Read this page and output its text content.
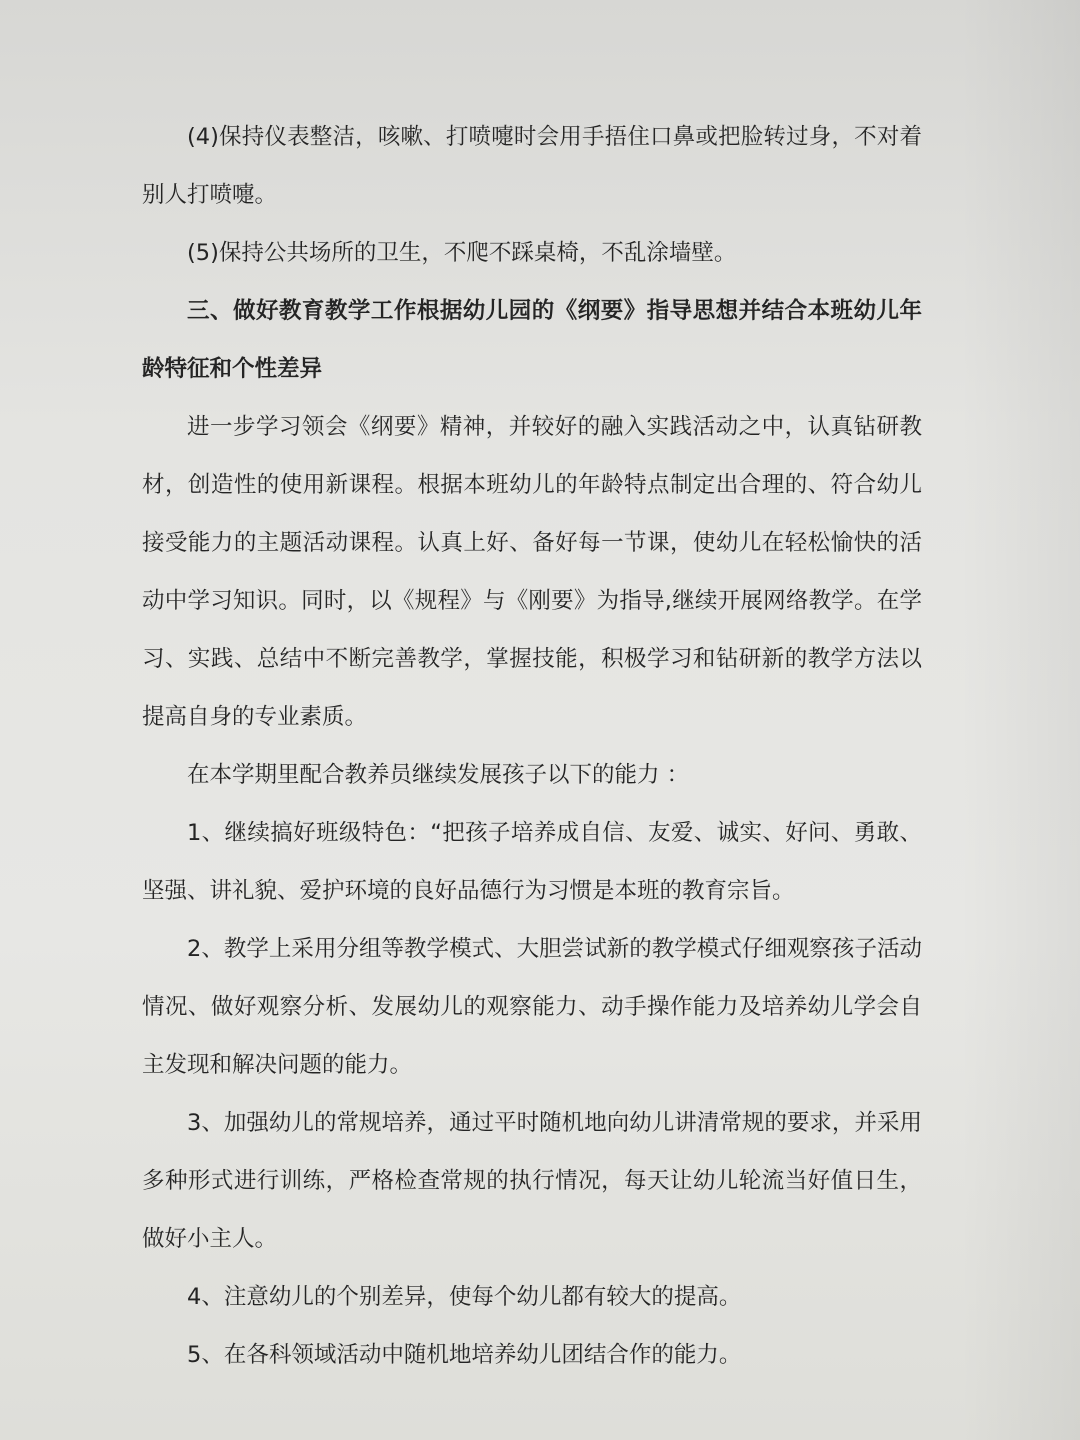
(4)保持仪表整洁，咳嗽、打喷嚏时会用手捂住口鼻或把脸转过身，不对着别人打喷嚏。

(5)保持公共场所的卫生，不爬不踩桌椅，不乱涂墙壁。

三、做好教育教学工作根据幼儿园的《纲要》指导思想并结合本班幼儿年龄特征和个性差异

进一步学习领会《纲要》精神，并较好的融入实践活动之中，认真钻研教材，创造性的使用新课程。根据本班幼儿的年龄特点制定出合理的、符合幼儿接受能力的主题活动课程。认真上好、备好每一节课，使幼儿在轻松愉快的活动中学习知识。同时，以《规程》与《刚要》为指导,继续开展网络教学。在学习、实践、总结中不断完善教学，掌握技能，积极学习和钻研新的教学方法以提高自身的专业素质。

在本学期里配合教养员继续发展孩子以下的能力 ：

1、继续搞好班级特色：“把孩子培养成自信、友爱、诚实、好问、勇敢、坚强、讲礼貌、爱护环境的良好品德行为习惯是本班的教育宗旨。

2、教学上采用分组等教学模式、大胆尝试新的教学模式仔细观察孩子活动情况、做好观察分析、发展幼儿的观察能力、动手操作能力及培养幼儿学会自主发现和解决问题的能力。

3、加强幼儿的常规培养，通过平时随机地向幼儿讲清常规的要求，并采用多种形式进行训练，严格检查常规的执行情况，每天让幼儿轮流当好值日生，做好小主人。

4、注意幼儿的个别差异，使每个幼儿都有较大的提高。

5、在各科领域活动中随机地培养幼儿团结合作的能力。
